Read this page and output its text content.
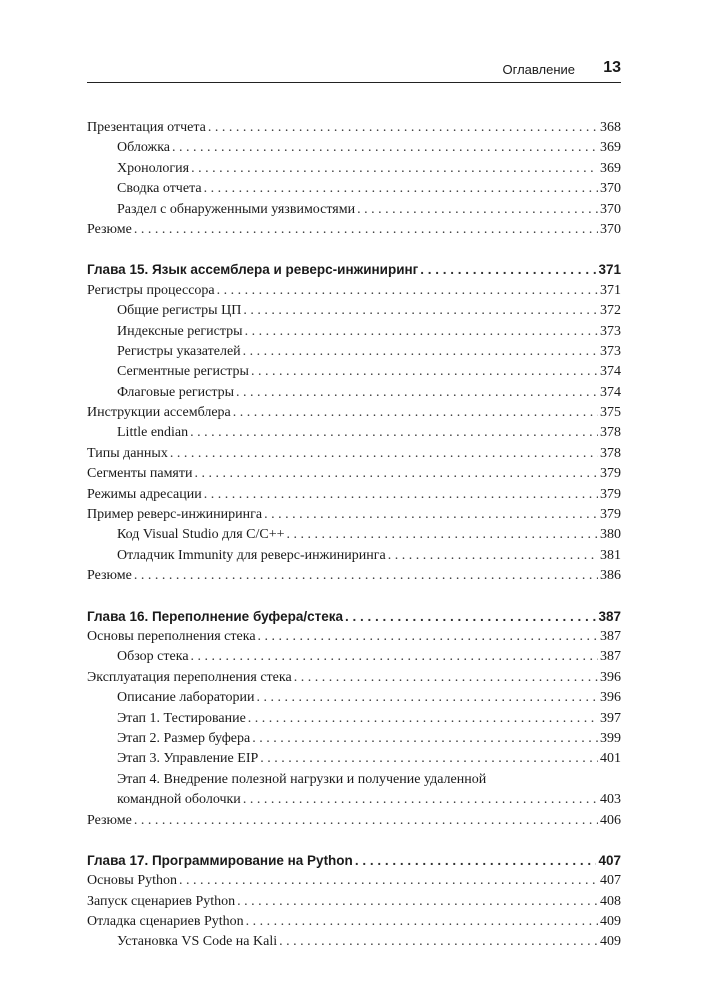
Оглавление 13
Презентация отчета . . .	368
Обложка . . .	369
Хронология . . .	369
Сводка отчета . . .	370
Раздел с обнаруженными уязвимостями . . .	370
Резюме . . .	370
Глава 15. Язык ассемблера и реверс-инжиниринг . . .	371
Регистры процессора . . .	371
Общие регистры ЦП . . .	372
Индексные регистры . . .	373
Регистры указателей . . .	373
Сегментные регистры . . .	374
Флаговые регистры . . .	374
Инструкции ассемблера . . .	375
Little endian . . .	378
Типы данных . . .	378
Сегменты памяти . . .	379
Режимы адресации . . .	379
Пример реверс-инжиниринга . . .	379
Код Visual Studio для C/C++ . . .	380
Отладчик Immunity для реверс-инжиниринга . . .	381
Резюме . . .	386
Глава 16. Переполнение буфера/стека . . .	387
Основы переполнения стека . . .	387
Обзор стека . . .	387
Эксплуатация переполнения стека . . .	396
Описание лаборатории . . .	396
Этап 1. Тестирование . . .	397
Этап 2. Размер буфера . . .	399
Этап 3. Управление EIP . . .	401
Этап 4. Внедрение полезной нагрузки и получение удаленной
командной оболочки . . .	403
Резюме . . .	406
Глава 17. Программирование на Python . . .	407
Основы Python . . .	407
Запуск сценариев Python . . .	408
Отладка сценариев Python . . .	409
Установка VS Code на Kali . . .	409
